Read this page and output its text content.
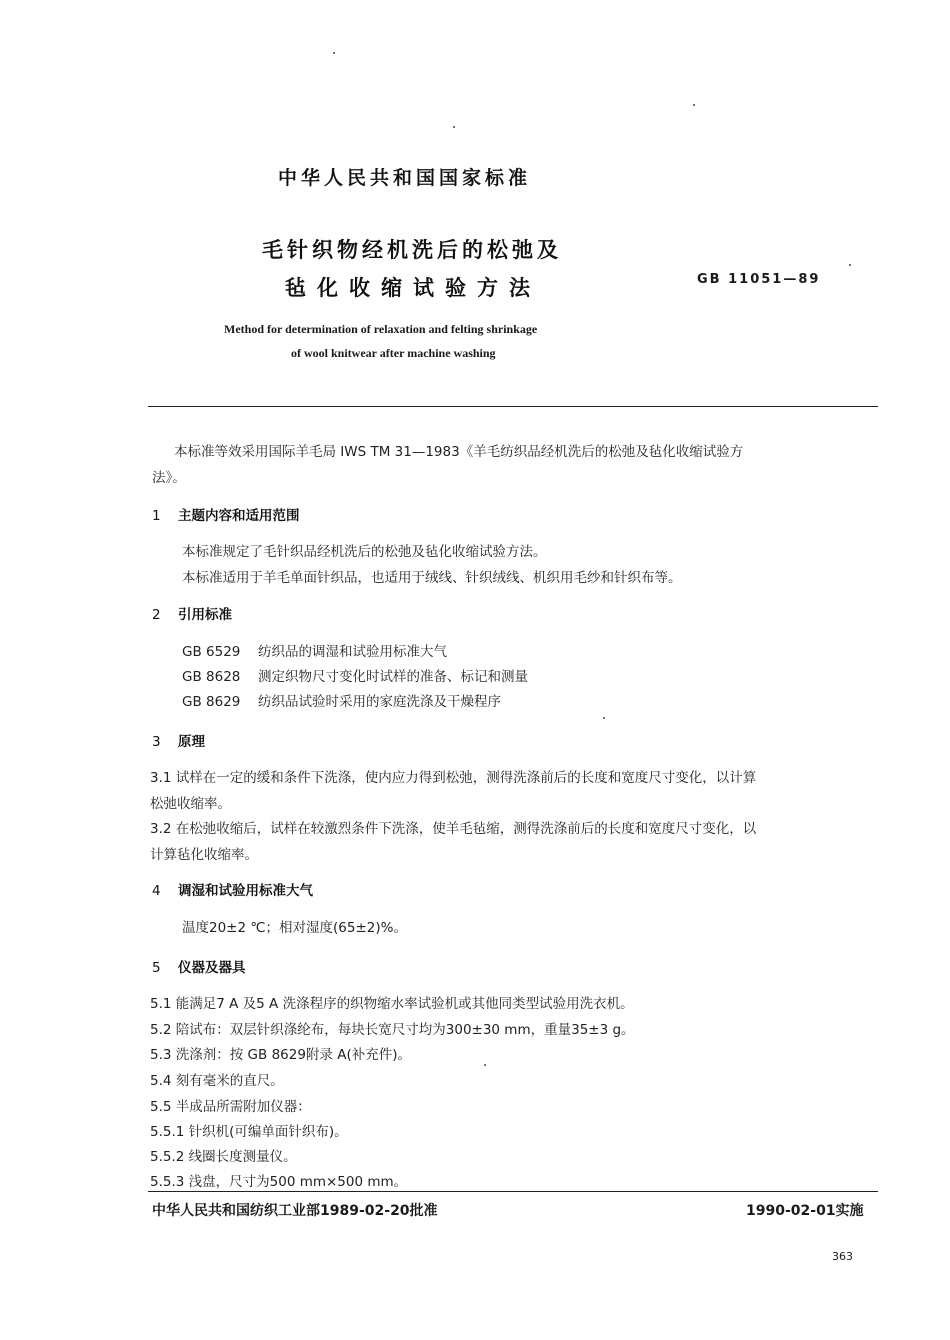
中华人民共和国国家标准
毛针织物经机洗后的松弛及
毡化收缩试验方法	GB 11051—89
Method for determination of relaxation and felting shrinkage
of wool knitwear after machine washing
本标准等效采用国际羊毛局 IWS TM 31—1983《羊毛纺织品经机洗后的松弛及毡化收缩试验方
法》。
1 主题内容和适用范围
本标准规定了毛针织品经机洗后的松弛及毡化收缩试验方法。
本标准适用于羊毛单面针织品，也适用于绒线、针织绒线、机织用毛纱和针织布等。
2 引用标准
GB 6529 纺织品的调湿和试验用标准大气
GB 8628 测定织物尺寸变化时试样的准备、标记和测量
GB 8629 纺织品试验时采用的家庭洗涤及干燥程序
3 原理
3.1 试样在一定的缓和条件下洗涤，使内应力得到松弛，测得洗涤前后的长度和宽度尺寸变化，以计算
松弛收缩率。
3.2 在松弛收缩后，试样在较激烈条件下洗涤，使羊毛毡缩，测得洗涤前后的长度和宽度尺寸变化，以
计算毡化收缩率。
4 调湿和试验用标准大气
温度20±2 ℃；相对湿度(65±2)%。
5 仪器及器具
5.1 能满足7 A 及5 A 洗涤程序的织物缩水率试验机或其他同类型试验用洗衣机。
5.2 陪试布：双层针织涤纶布，每块长宽尺寸均为300±30 mm，重量35±3 g。
5.3 洗涤剂：按 GB 8629附录 A(补充件)。
5.4 刻有毫米的直尺。
5.5 半成品所需附加仪器：
5.5.1 针织机(可编单面针织布)。
5.5.2 线圈长度测量仪。
5.5.3 浅盘，尺寸为500 mm×500 mm。
中华人民共和国纺织工业部1989-02-20批准	1990-02-01实施
363
